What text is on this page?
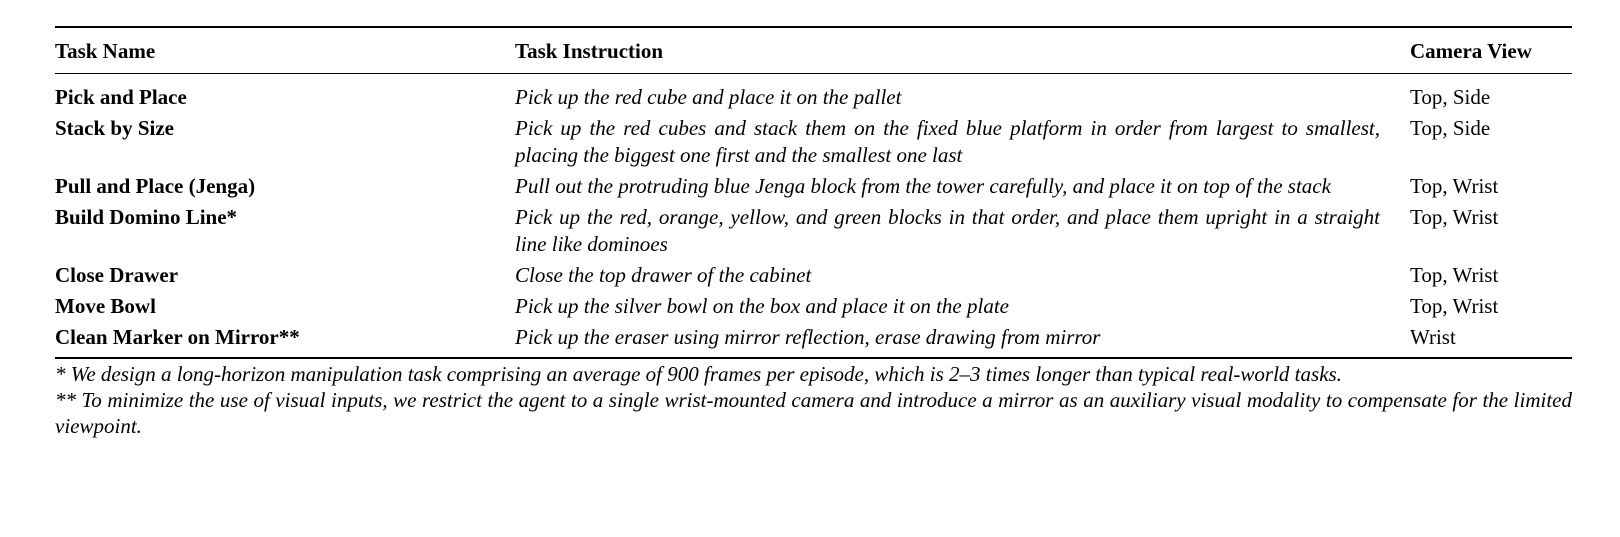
Task Name	Task Instruction	Camera View
Pick and Place	Pick up the red cube and place it on the pallet	Top, Side
Stack by Size	Pick up the red cubes and stack them on the fixed blue platform in order from largest to smallest, placing the biggest one first and the smallest one last	Top, Side
Pull and Place (Jenga)	Pull out the protruding blue Jenga block from the tower carefully, and place it on top of the stack	Top, Wrist
Build Domino Line*	Pick up the red, orange, yellow, and green blocks in that order, and place them upright in a straight line like dominoes	Top, Wrist
Close Drawer	Close the top drawer of the cabinet	Top, Wrist
Move Bowl	Pick up the silver bowl on the box and place it on the plate	Top, Wrist
Clean Marker on Mirror**	Pick up the eraser using mirror reflection, erase drawing from mirror	Wrist

* We design a long-horizon manipulation task comprising an average of 900 frames per episode, which is 2–3 times longer than typical real-world tasks.

** To minimize the use of visual inputs, we restrict the agent to a single wrist-mounted camera and introduce a mirror as an auxiliary visual modality to compensate for the limited viewpoint.
